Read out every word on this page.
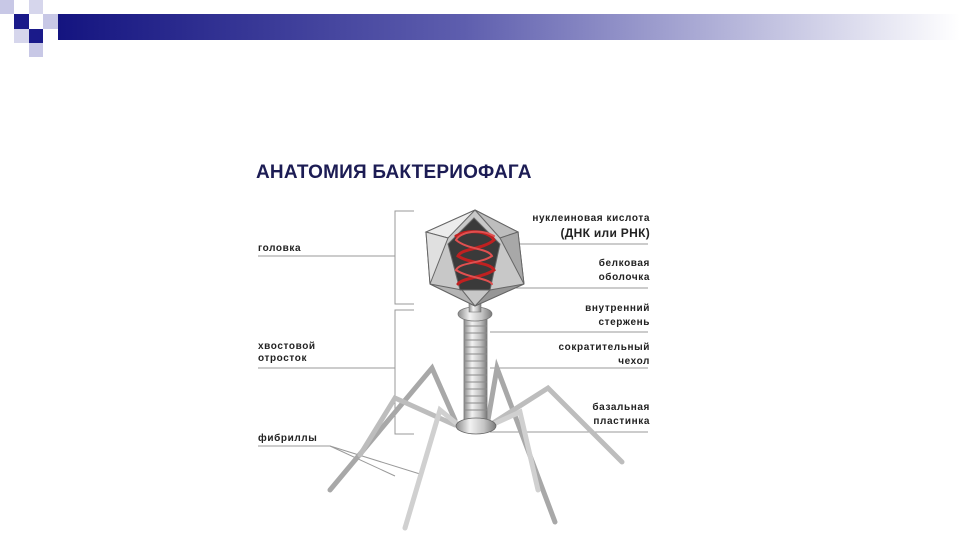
АНАТОМИЯ БАКТЕРИОФАГА
головка
хвостовой
отросток
фибриллы
нуклеиновая кислота
(ДНК или РНК)
белковая
оболочка
внутренний
стержень
сократительный
чехол
базальная
пластинка
